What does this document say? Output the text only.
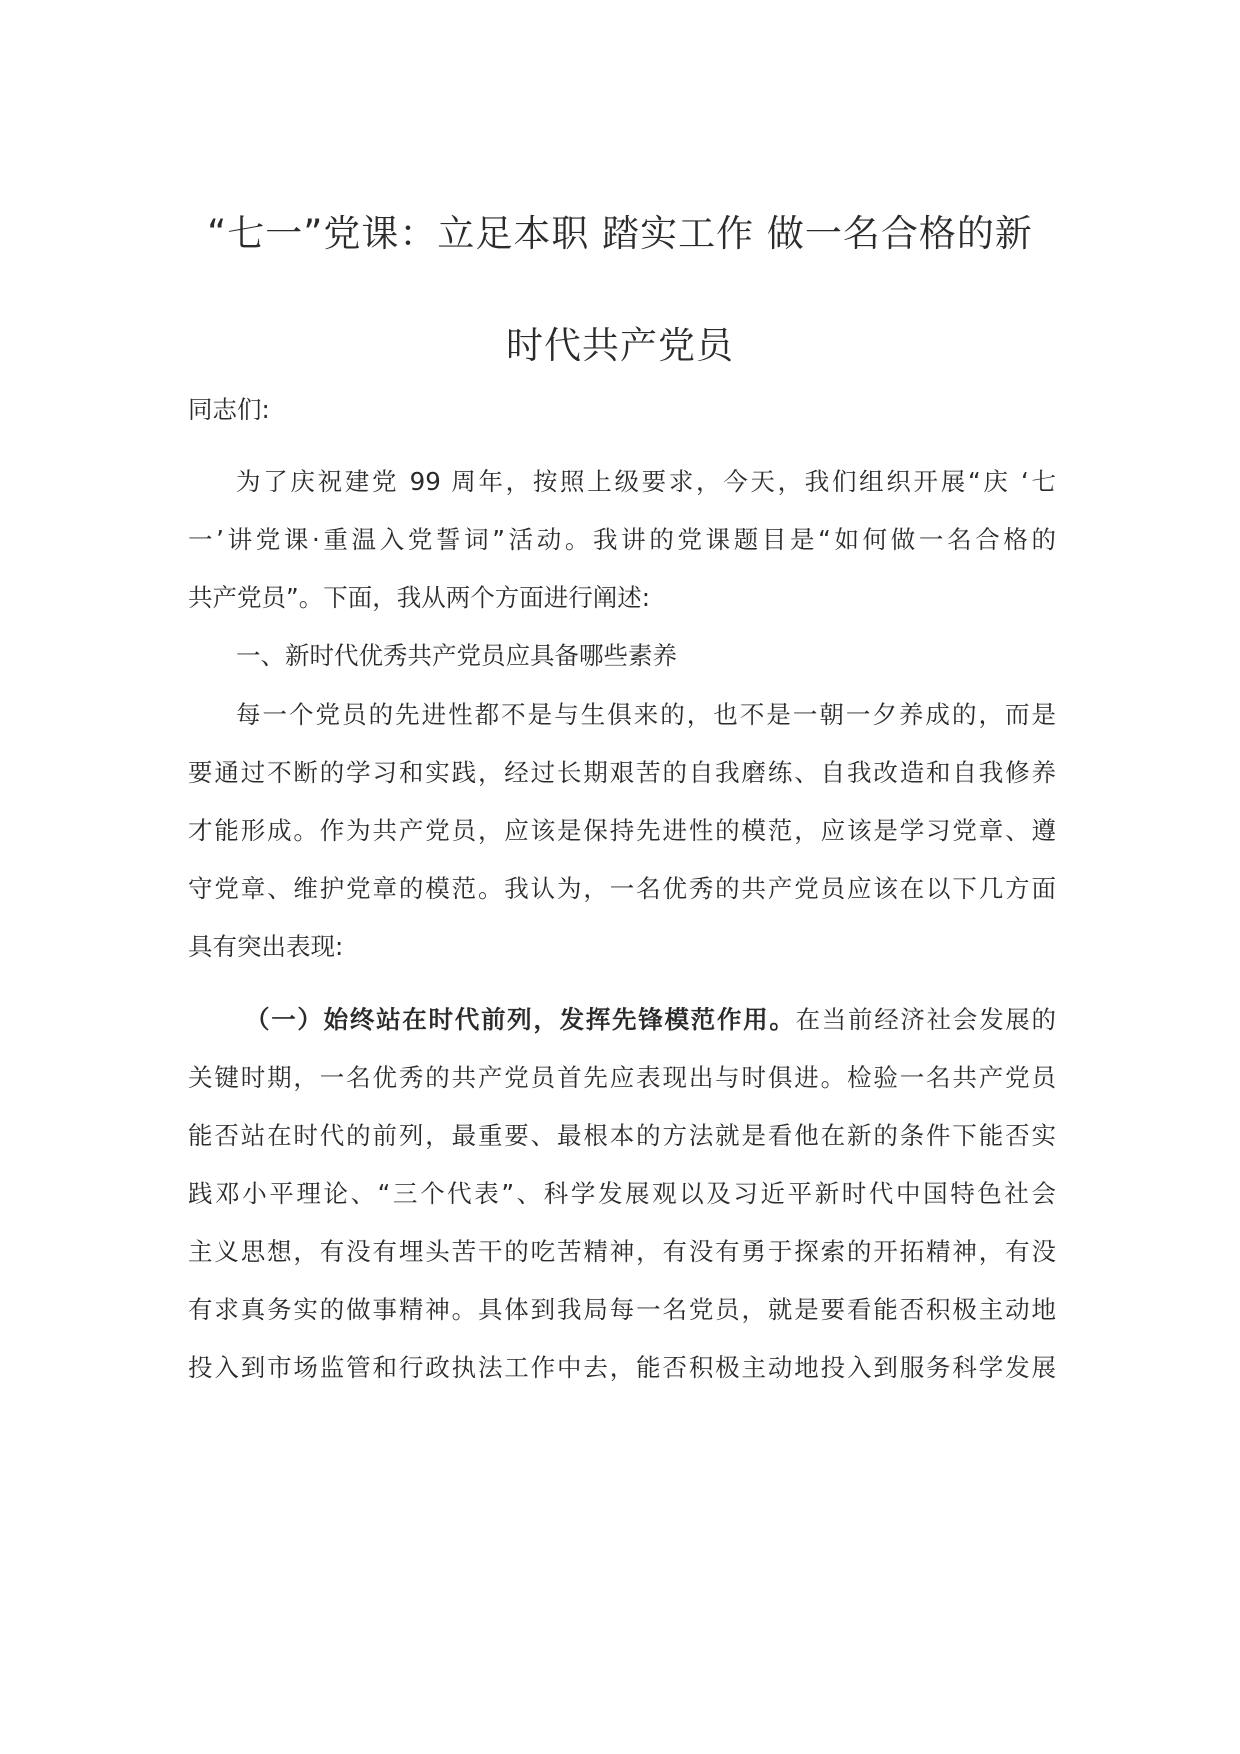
“七一”党课：立足本职 踏实工作 做一名合格的新
时代共产党员

同志们:

为了庆祝建党 99 周年，按照上级要求，今天，我们组织开展“庆 ‘七

一’讲党课·重温入党誓词”活动。我讲的党课题目是“如何做一名合格的

共产党员”。下面，我从两个方面进行阐述:

一、新时代优秀共产党员应具备哪些素养

每一个党员的先进性都不是与生俱来的，也不是一朝一夕养成的，而是

要通过不断的学习和实践，经过长期艰苦的自我磨练、自我改造和自我修养

才能形成。作为共产党员，应该是保持先进性的模范，应该是学习党章、遵

守党章、维护党章的模范。我认为，一名优秀的共产党员应该在以下几方面

具有突出表现:

（一）始终站在时代前列，发挥先锋模范作用。在当前经济社会发展的

关键时期，一名优秀的共产党员首先应表现出与时俱进。检验一名共产党员

能否站在时代的前列，最重要、最根本的方法就是看他在新的条件下能否实

践邓小平理论、“三个代表”、科学发展观以及习近平新时代中国特色社会

主义思想，有没有埋头苦干的吃苦精神，有没有勇于探索的开拓精神，有没

有求真务实的做事精神。具体到我局每一名党员，就是要看能否积极主动地

投入到市场监管和行政执法工作中去，能否积极主动地投入到服务科学发展
